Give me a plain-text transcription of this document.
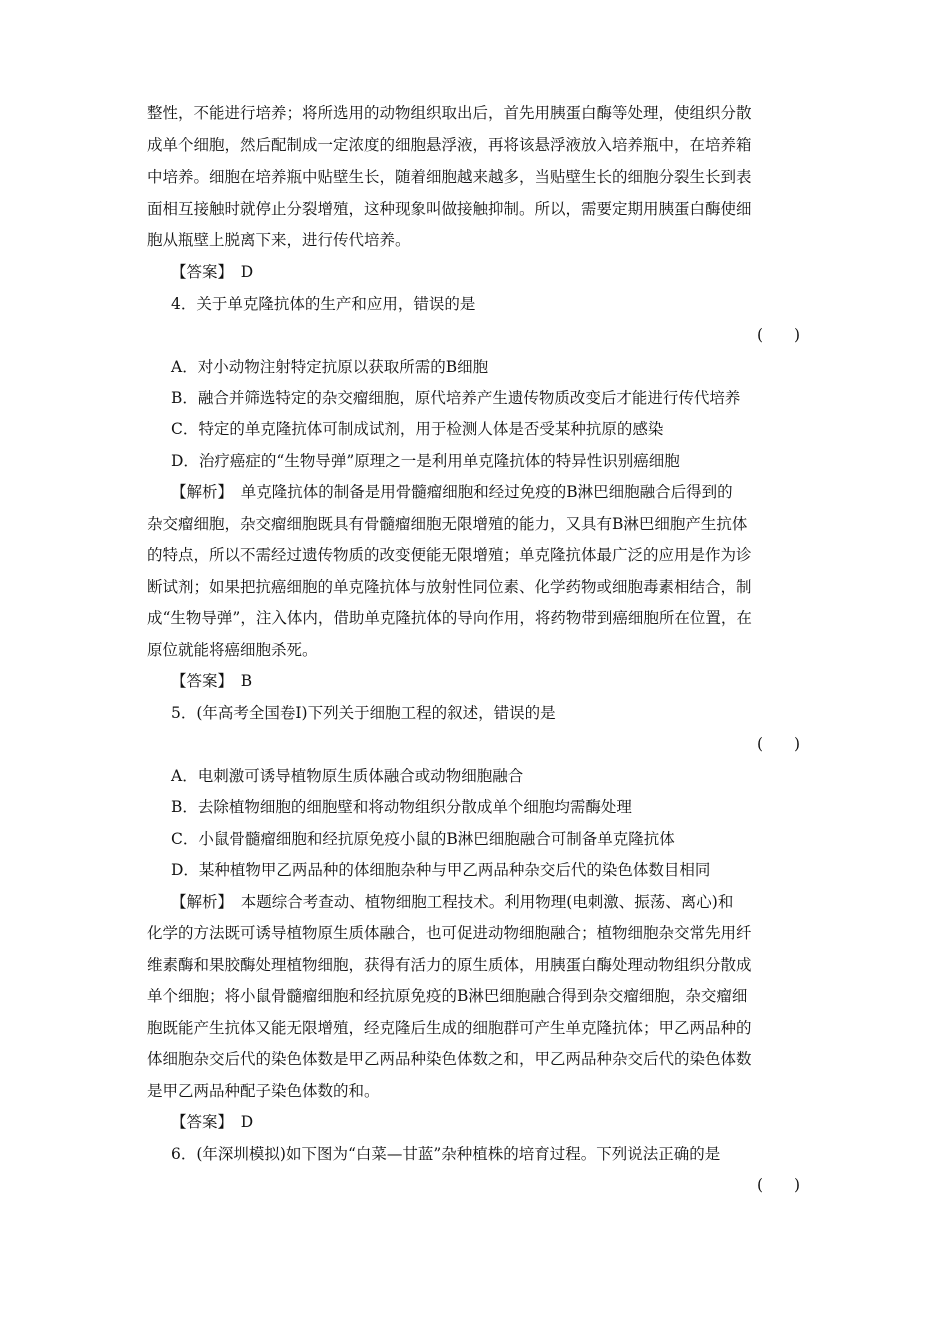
整性，不能进行培养；将所选用的动物组织取出后，首先用胰蛋白酶等处理，使组织分散
成单个细胞，然后配制成一定浓度的细胞悬浮液，再将该悬浮液放入培养瓶中，在培养箱
中培养。细胞在培养瓶中贴壁生长，随着细胞越来越多，当贴壁生长的细胞分裂生长到表
面相互接触时就停止分裂增殖，这种现象叫做接触抑制。所以，需要定期用胰蛋白酶使细
胞从瓶壁上脱离下来，进行传代培养。
【答案】　D
4．关于单克隆抗体的生产和应用，错误的是
(　　)
A．对小动物注射特定抗原以获取所需的B细胞
B．融合并筛选特定的杂交瘤细胞，原代培养产生遗传物质改变后才能进行传代培养
C．特定的单克隆抗体可制成试剂，用于检测人体是否受某种抗原的感染
D．治疗癌症的“生物导弹”原理之一是利用单克隆抗体的特异性识别癌细胞
【解析】　单克隆抗体的制备是用骨髓瘤细胞和经过免疫的B淋巴细胞融合后得到的
杂交瘤细胞，杂交瘤细胞既具有骨髓瘤细胞无限增殖的能力，又具有B淋巴细胞产生抗体
的特点，所以不需经过遗传物质的改变便能无限增殖；单克隆抗体最广泛的应用是作为诊
断试剂；如果把抗癌细胞的单克隆抗体与放射性同位素、化学药物或细胞毒素相结合，制
成“生物导弹”，注入体内，借助单克隆抗体的导向作用，将药物带到癌细胞所在位置，在
原位就能将癌细胞杀死。
【答案】　B
5．(年高考全国卷Ⅰ)下列关于细胞工程的叙述，错误的是
(　　)
A．电刺激可诱导植物原生质体融合或动物细胞融合
B．去除植物细胞的细胞壁和将动物组织分散成单个细胞均需酶处理
C．小鼠骨髓瘤细胞和经抗原免疫小鼠的B淋巴细胞融合可制备单克隆抗体
D．某种植物甲乙两品种的体细胞杂种与甲乙两品种杂交后代的染色体数目相同
【解析】　本题综合考查动、植物细胞工程技术。利用物理(电刺激、振荡、离心)和
化学的方法既可诱导植物原生质体融合，也可促进动物细胞融合；植物细胞杂交常先用纤
维素酶和果胶酶处理植物细胞，获得有活力的原生质体，用胰蛋白酶处理动物组织分散成
单个细胞；将小鼠骨髓瘤细胞和经抗原免疫的B淋巴细胞融合得到杂交瘤细胞，杂交瘤细
胞既能产生抗体又能无限增殖，经克隆后生成的细胞群可产生单克隆抗体；甲乙两品种的
体细胞杂交后代的染色体数是甲乙两品种染色体数之和，甲乙两品种杂交后代的染色体数
是甲乙两品种配子染色体数的和。
【答案】　D
6．(年深圳模拟)如下图为“白菜—甘蓝”杂种植株的培育过程。下列说法正确的是
(　　)
